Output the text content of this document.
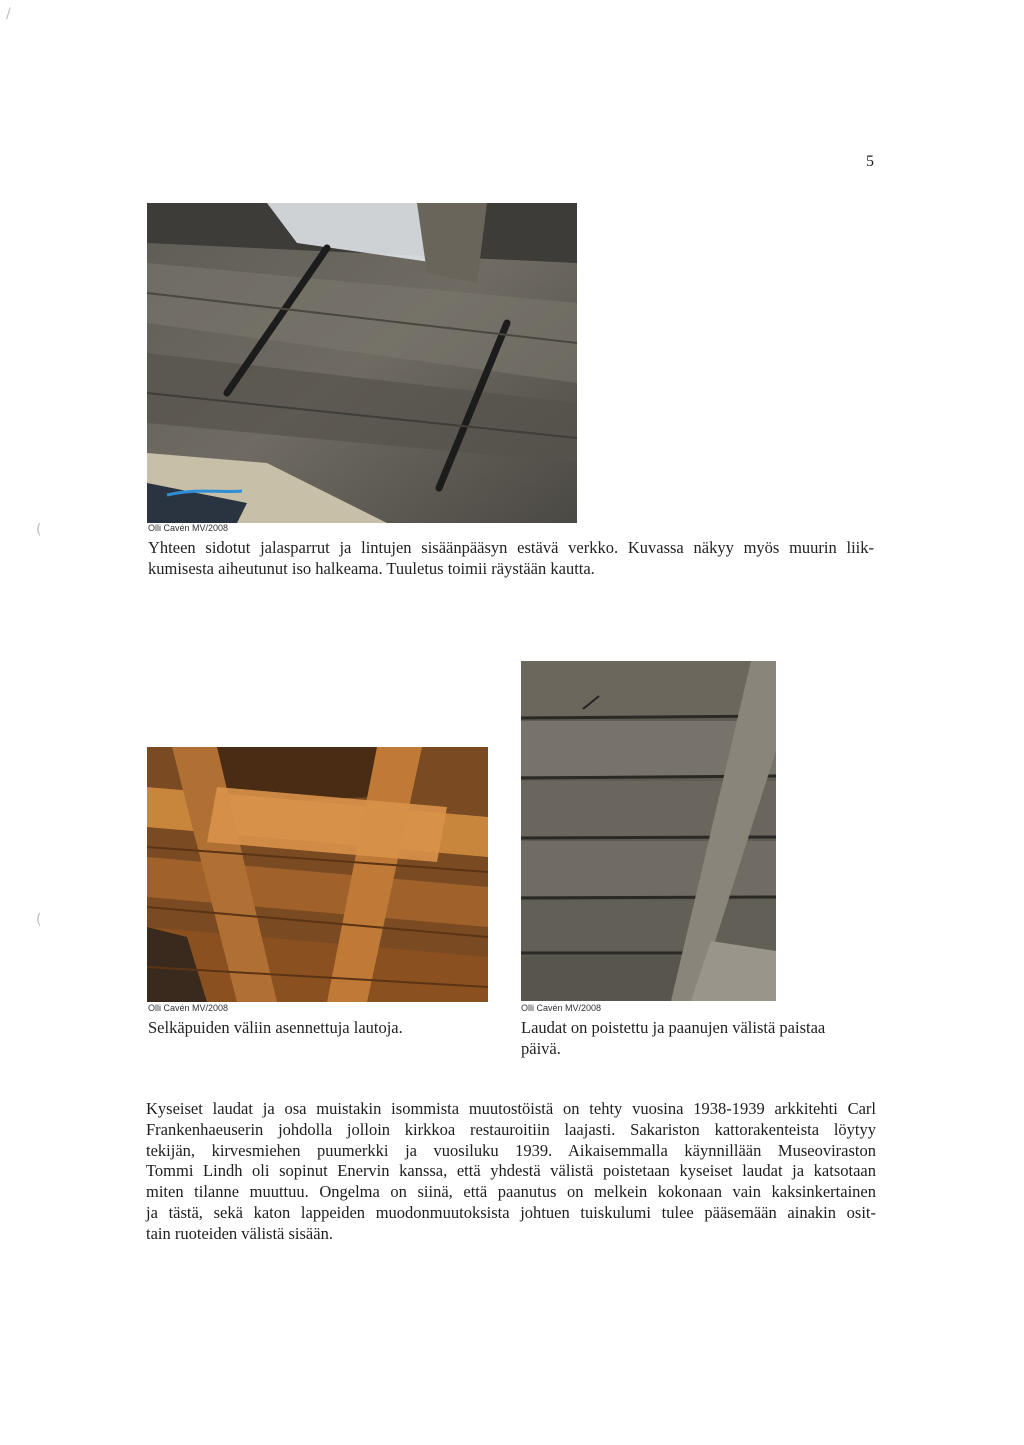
/
(
(
5
Olli Cavén MV/2008
Yhteen sidotut jalasparrut ja lintujen sisäänpääsyn estävä verkko. Kuvassa näkyy myös muurin liik-
kumisesta aiheutunut iso halkeama. Tuuletus toimii räystään kautta.
Olli Cavén MV/2008
Selkäpuiden väliin asennettuja lautoja.
Olli Cavén MV/2008
Laudat on poistettu ja paanujen välistä paistaa
päivä.
Kyseiset laudat ja osa muistakin isommista muutostöistä on tehty vuosina 1938-1939 arkkitehti Carl
Frankenhaeuserin johdolla jolloin kirkkoa restauroitiin laajasti. Sakariston kattorakenteista löytyy
tekijän, kirvesmiehen puumerkki ja vuosiluku 1939. Aikaisemmalla käynnillään Museoviraston
Tommi Lindh oli sopinut Enervin kanssa, että yhdestä välistä poistetaan kyseiset laudat ja katsotaan
miten tilanne muuttuu. Ongelma on siinä, että paanutus on melkein kokonaan vain kaksinkertainen
ja tästä, sekä katon lappeiden muodonmuutoksista johtuen tuiskulumi tulee pääsemään ainakin osit-
tain ruoteiden välistä sisään.
